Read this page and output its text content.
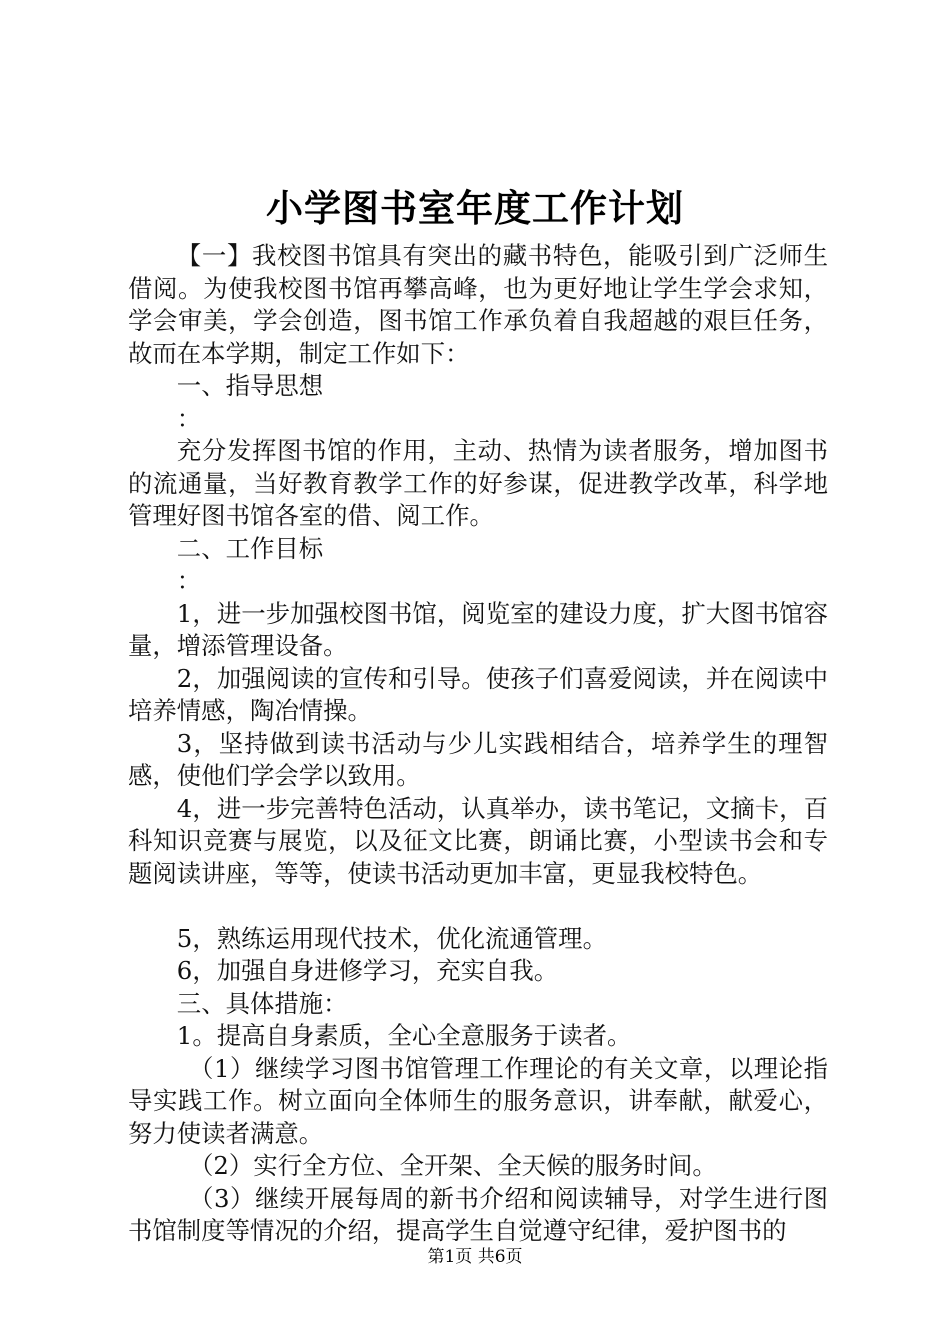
小学图书室年度工作计划

【一】我校图书馆具有突出的藏书特色，能吸引到广泛师生借阅。为使我校图书馆再攀高峰，也为更好地让学生学会求知，学会审美，学会创造，图书馆工作承负着自我超越的艰巨任务，故而在本学期，制定工作如下：

一、指导思想

：

充分发挥图书馆的作用，主动、热情为读者服务，增加图书的流通量，当好教育教学工作的好参谋，促进教学改革，科学地管理好图书馆各室的借、阅工作。

二、工作目标

：

1，进一步加强校图书馆，阅览室的建设力度，扩大图书馆容量，增添管理设备。

2，加强阅读的宣传和引导。使孩子们喜爱阅读，并在阅读中培养情感，陶冶情操。

3，坚持做到读书活动与少儿实践相结合，培养学生的理智感，使他们学会学以致用。

4，进一步完善特色活动，认真举办，读书笔记，文摘卡，百科知识竞赛与展览，以及征文比赛，朗诵比赛，小型读书会和专题阅读讲座，等等，使读书活动更加丰富，更显我校特色。

5，熟练运用现代技术，优化流通管理。

6，加强自身进修学习，充实自我。

三、具体措施：

1。提高自身素质，全心全意服务于读者。

（1）继续学习图书馆管理工作理论的有关文章，以理论指导实践工作。树立面向全体师生的服务意识，讲奉献，献爱心，努力使读者满意。

（2）实行全方位、全开架、全天候的服务时间。

（3）继续开展每周的新书介绍和阅读辅导，对学生进行图书馆制度等情况的介绍，提高学生自觉遵守纪律，爱护图书的

第1页 共6页
